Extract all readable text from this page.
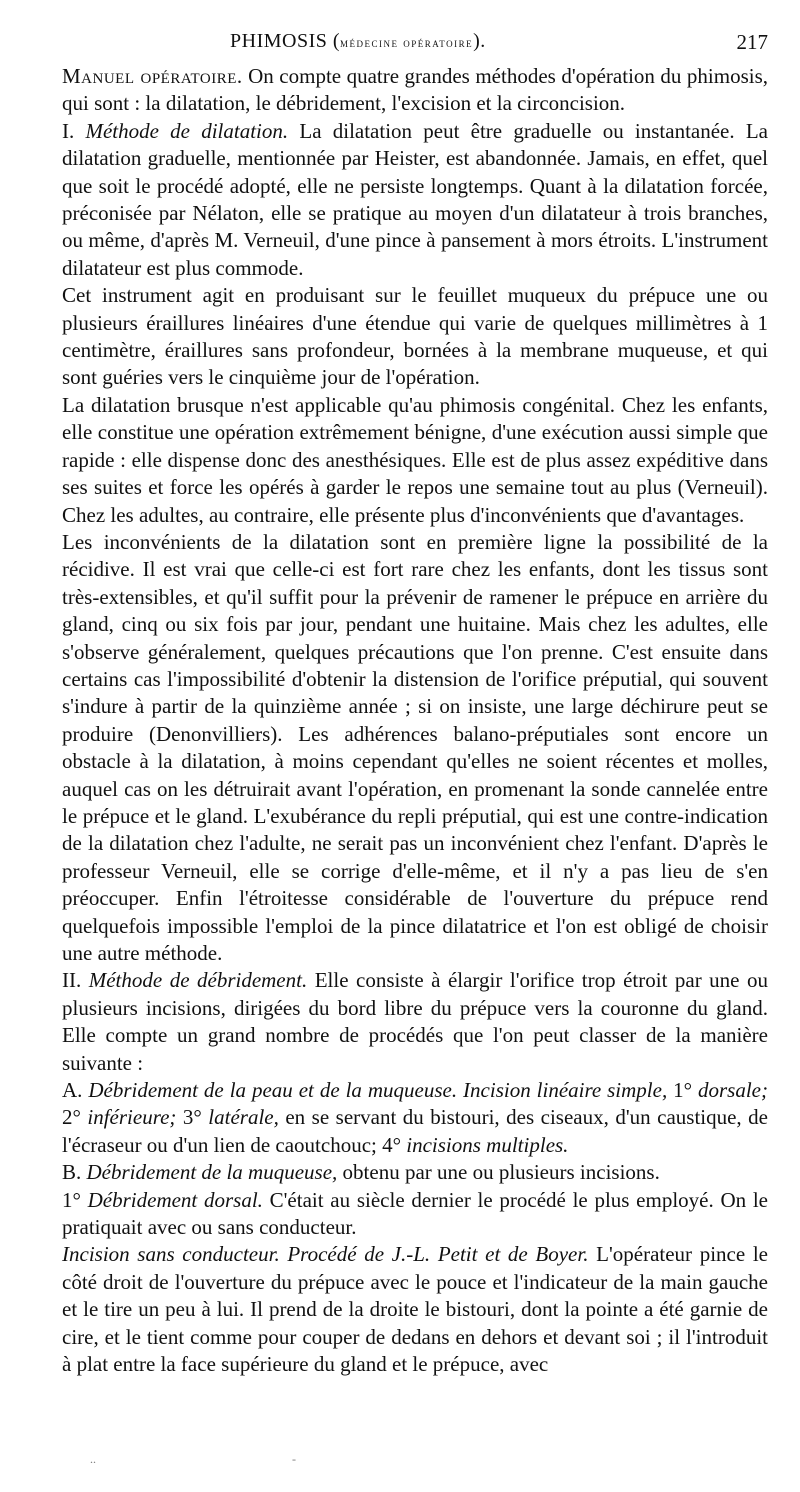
PHIMOSIS (médecine opératoire).	217

Manuel opératoire. On compte quatre grandes méthodes d'opération du phimosis, qui sont : la dilatation, le débridement, l'excision et la circoncision.

I. Méthode de dilatation. La dilatation peut être graduelle ou instantanée. La dilatation graduelle, mentionnée par Heister, est abandonnée. Jamais, en effet, quel que soit le procédé adopté, elle ne persiste longtemps. Quant à la dilatation forcée, préconisée par Nélaton, elle se pratique au moyen d'un dilatateur à trois branches, ou même, d'après M. Verneuil, d'une pince à pansement à mors étroits. L'instrument dilatateur est plus commode.

Cet instrument agit en produisant sur le feuillet muqueux du prépuce une ou plusieurs éraillures linéaires d'une étendue qui varie de quelques millimètres à 1 centimètre, éraillures sans profondeur, bornées à la membrane muqueuse, et qui sont guéries vers le cinquième jour de l'opération.

La dilatation brusque n'est applicable qu'au phimosis congénital. Chez les enfants, elle constitue une opération extrêmement bénigne, d'une exécution aussi simple que rapide : elle dispense donc des anesthésiques. Elle est de plus assez expéditive dans ses suites et force les opérés à garder le repos une semaine tout au plus (Verneuil). Chez les adultes, au contraire, elle présente plus d'inconvénients que d'avantages.

Les inconvénients de la dilatation sont en première ligne la possibilité de la récidive. Il est vrai que celle-ci est fort rare chez les enfants, dont les tissus sont très-extensibles, et qu'il suffit pour la prévenir de ramener le prépuce en arrière du gland, cinq ou six fois par jour, pendant une huitaine. Mais chez les adultes, elle s'observe généralement, quelques précautions que l'on prenne. C'est ensuite dans certains cas l'impossibilité d'obtenir la distension de l'orifice préputial, qui souvent s'indure à partir de la quinzième année ; si on insiste, une large déchirure peut se produire (Denonvilliers). Les adhérences balano-préputiales sont encore un obstacle à la dilatation, à moins cependant qu'elles ne soient récentes et molles, auquel cas on les détruirait avant l'opération, en promenant la sonde cannelée entre le prépuce et le gland. L'exubérance du repli préputial, qui est une contre-indication de la dilatation chez l'adulte, ne serait pas un inconvénient chez l'enfant. D'après le professeur Verneuil, elle se corrige d'elle-même, et il n'y a pas lieu de s'en préoccuper. Enfin l'étroitesse considérable de l'ouverture du prépuce rend quelquefois impossible l'emploi de la pince dilatatrice et l'on est obligé de choisir une autre méthode.

II. Méthode de débridement. Elle consiste à élargir l'orifice trop étroit par une ou plusieurs incisions, dirigées du bord libre du prépuce vers la couronne du gland. Elle compte un grand nombre de procédés que l'on peut classer de la manière suivante :

A. Débridement de la peau et de la muqueuse. Incision linéaire simple, 1° dorsale; 2° inférieure; 3° latérale, en se servant du bistouri, des ciseaux, d'un caustique, de l'écraseur ou d'un lien de caoutchouc; 4° incisions multiples.

B. Débridement de la muqueuse, obtenu par une ou plusieurs incisions.

1° Débridement dorsal. C'était au siècle dernier le procédé le plus employé. On le pratiquait avec ou sans conducteur.

Incision sans conducteur. Procédé de J.-L. Petit et de Boyer. L'opérateur pince le côté droit de l'ouverture du prépuce avec le pouce et l'indicateur de la main gauche et le tire un peu à lui. Il prend de la droite le bistouri, dont la pointe a été garnie de cire, et le tient comme pour couper de dedans en dehors et devant soi ; il l'introduit à plat entre la face supérieure du gland et le prépuce, avec

..	-
